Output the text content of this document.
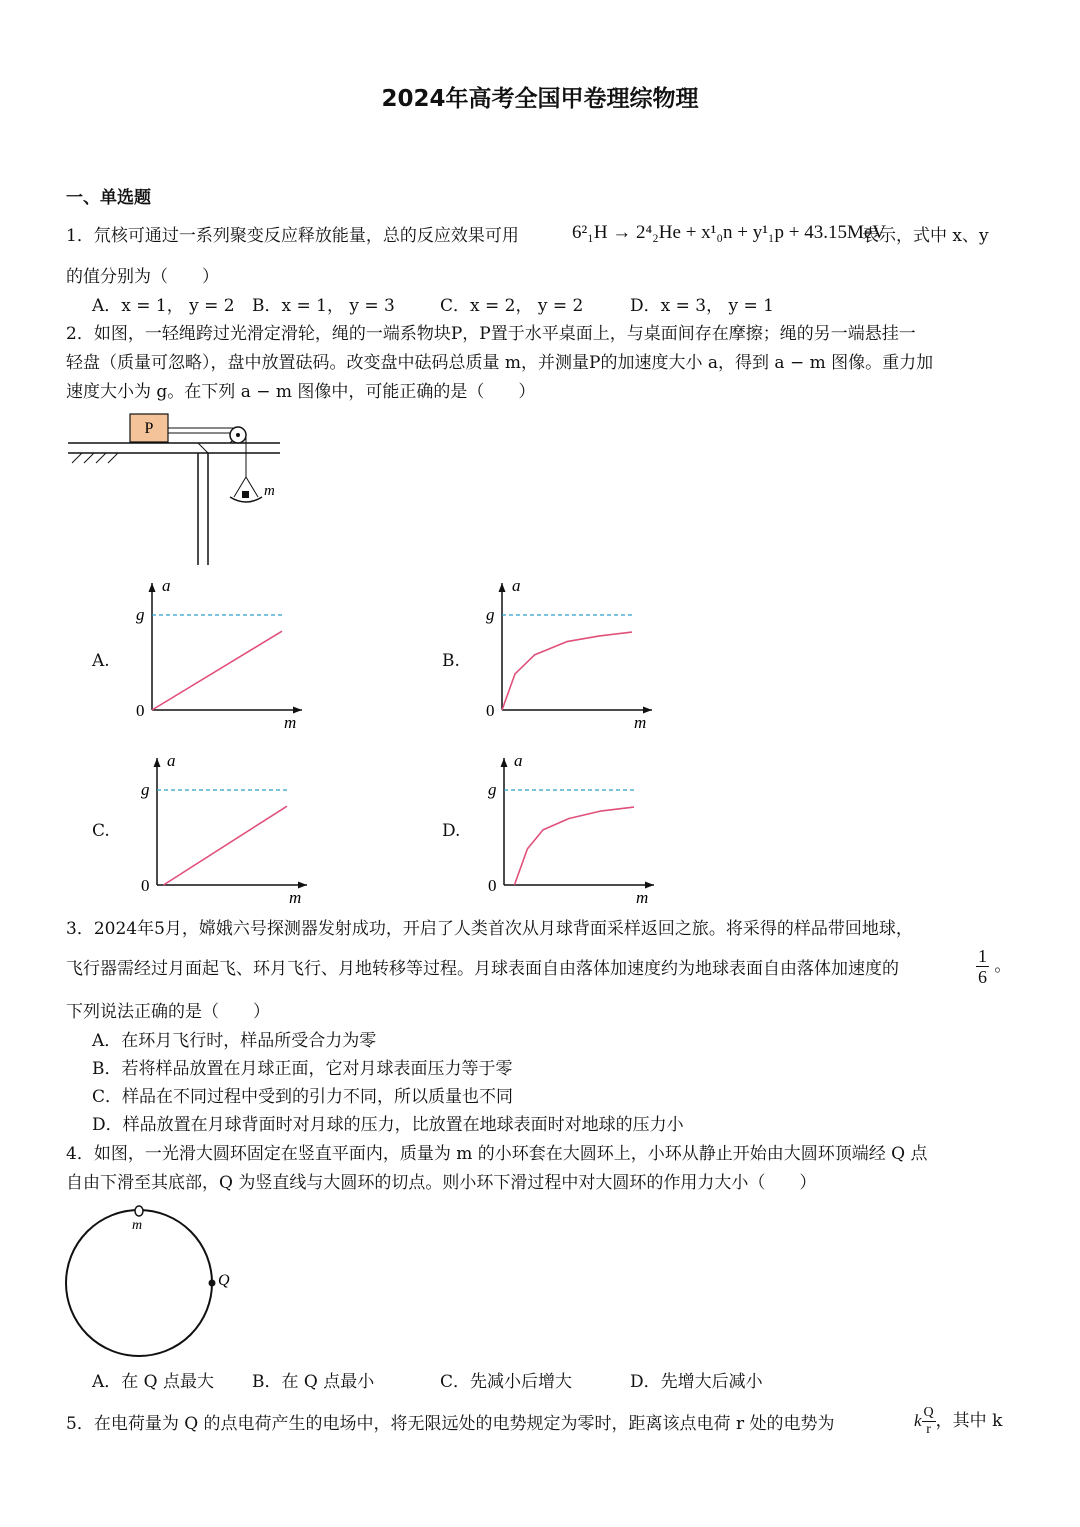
2024年高考全国甲卷理综物理
一、单选题
1．氘核可通过一系列聚变反应释放能量，总的反应效果可用	6²₁H → 2⁴₂He + x¹₀n + y¹₁p + 43.15MeV
表示，式中 x、y
的值分别为（　　）
A．x = 1， y = 2 B．x = 1， y = 3	C．x = 2， y = 2	D．x = 3， y = 1
2．如图，一轻绳跨过光滑定滑轮，绳的一端系物块P，P置于水平桌面上，与桌面间存在摩擦；绳的另一端悬挂一
轻盘（质量可忽略），盘中放置砝码。改变盘中砝码总质量 m，并测量P的加速度大小 a，得到 a − m 图像。重力加
速度大小为 g。在下列 a − m 图像中，可能正确的是（　　）
P
m
A.	B.
C.	D.
a
g
0
m
a
g
0
m
a
g
0
m
a
g
0
m
3．2024年5月，嫦娥六号探测器发射成功，开启了人类首次从月球背面采样返回之旅。将采得的样品带回地球，
飞行器需经过月面起飞、环月飞行、月地转移等过程。月球表面自由落体加速度约为地球表面自由落体加速度的	$\frac{1}{6}$ 。
下列说法正确的是（　　）
A．在环月飞行时，样品所受合力为零
B．若将样品放置在月球正面，它对月球表面压力等于零
C．样品在不同过程中受到的引力不同，所以质量也不同
D．样品放置在月球背面时对月球的压力，比放置在地球表面时对地球的压力小
4．如图，一光滑大圆环固定在竖直平面内，质量为 m 的小环套在大圆环上，小环从静止开始由大圆环顶端经 Q 点
自由下滑至其底部，Q 为竖直线与大圆环的切点。则小环下滑过程中对大圆环的作用力大小（　　）
m
Q
A．在 Q 点最大 B．在 Q 点最小	C．先减小后增大	D．先增大后减小
5．在电荷量为 Q 的点电荷产生的电场中，将无限远处的电势规定为零时，距离该点电荷 r 处的电势为	k $\frac{Q}{r}$ ，其中 k
